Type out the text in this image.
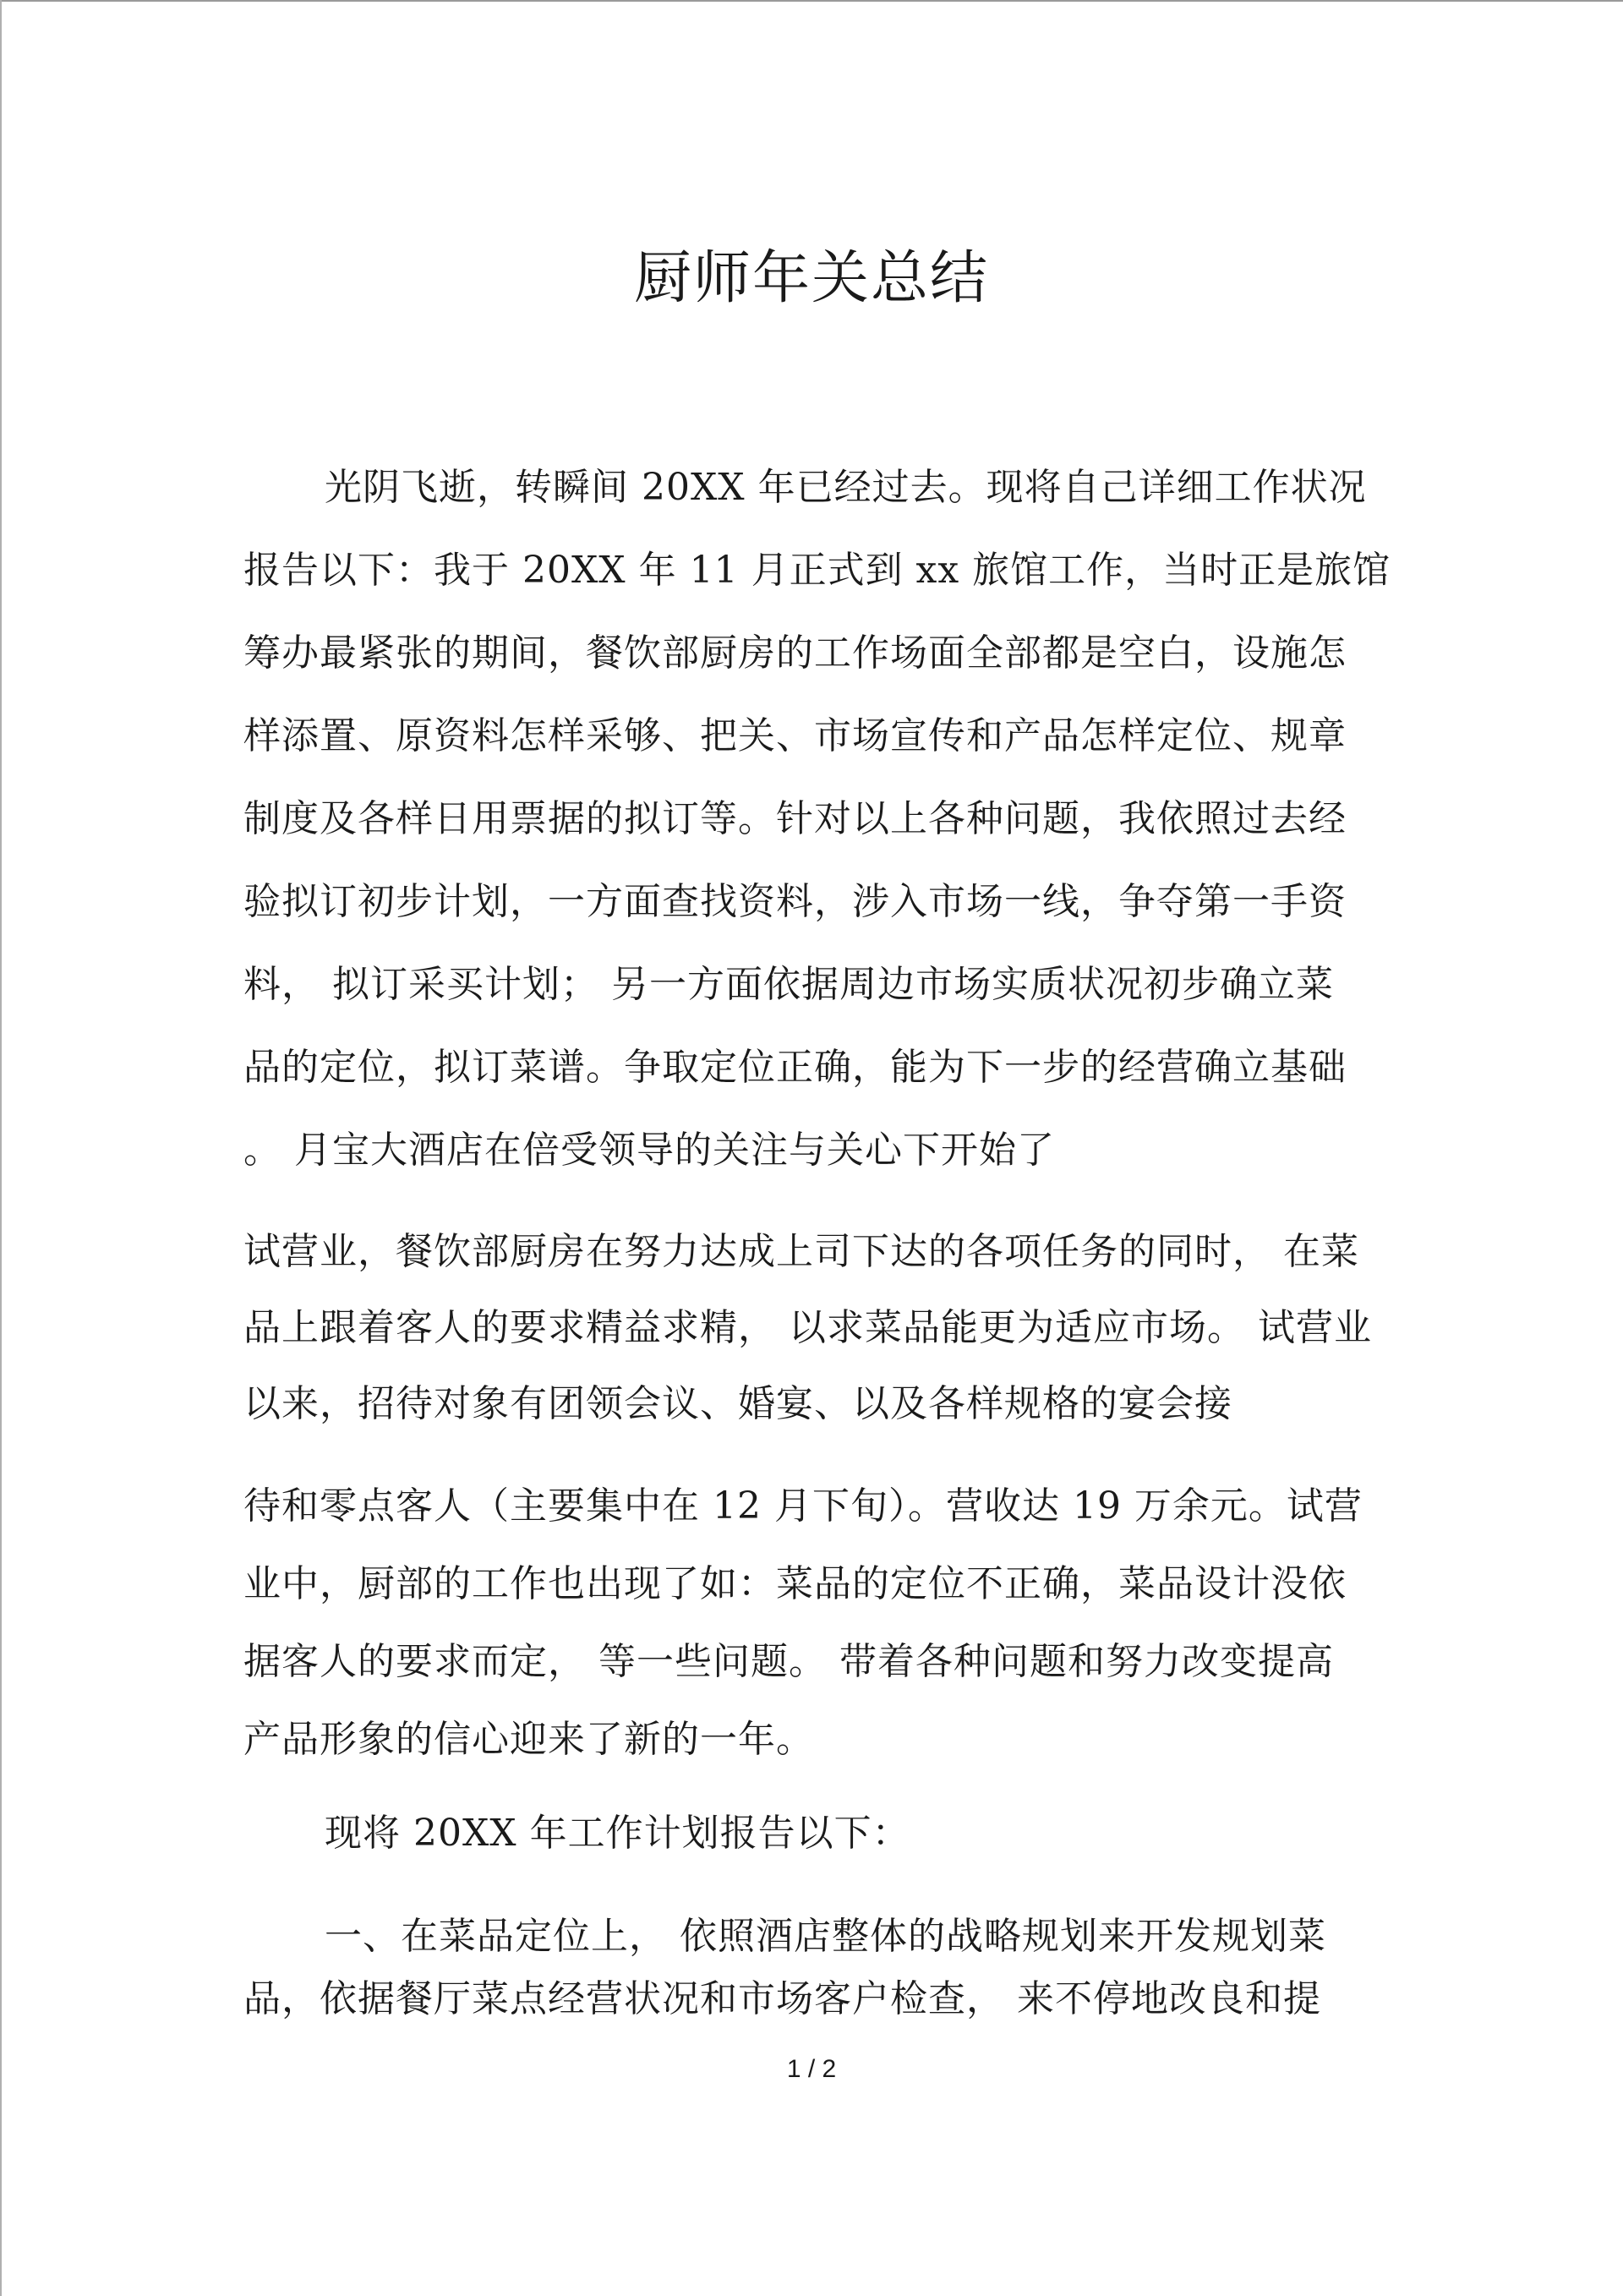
厨师年关总结
光阴飞逝，转瞬间 20XX 年已经过去。现将自己详细工作状况
报告以下：我于 20XX 年 11 月正式到 xx 旅馆工作，当时正是旅馆
筹办最紧张的期间，餐饮部厨房的工作场面全部都是空白，设施怎
样添置、原资料怎样采够、把关、市场宣传和产品怎样定位、规章
制度及各样日用票据的拟订等。针对以上各种问题，我依照过去经
验拟订初步计划，一方面查找资料，涉入市场一线，争夺第一手资
料， 拟订采买计划； 另一方面依据周边市场实质状况初步确立菜
品的定位，拟订菜谱。争取定位正确，能为下一步的经营确立基础
。 月宝大酒店在倍受领导的关注与关心下开始了
试营业，餐饮部厨房在努力达成上司下达的各项任务的同时， 在菜
品上跟着客人的要求精益求精， 以求菜品能更为适应市场。 试营业
以来，招待对象有团领会议、婚宴、以及各样规格的宴会接
待和零点客人（主要集中在 12 月下旬）。营收达 19 万余元。试营
业中，厨部的工作也出现了如：菜品的定位不正确，菜品设计没依
据客人的要求而定， 等一些问题。 带着各种问题和努力改变提高
产品形象的信心迎来了新的一年。
现将 20XX 年工作计划报告以下：
一、在菜品定位上， 依照酒店整体的战略规划来开发规划菜
品，依据餐厅菜点经营状况和市场客户检查， 来不停地改良和提
1 / 2
